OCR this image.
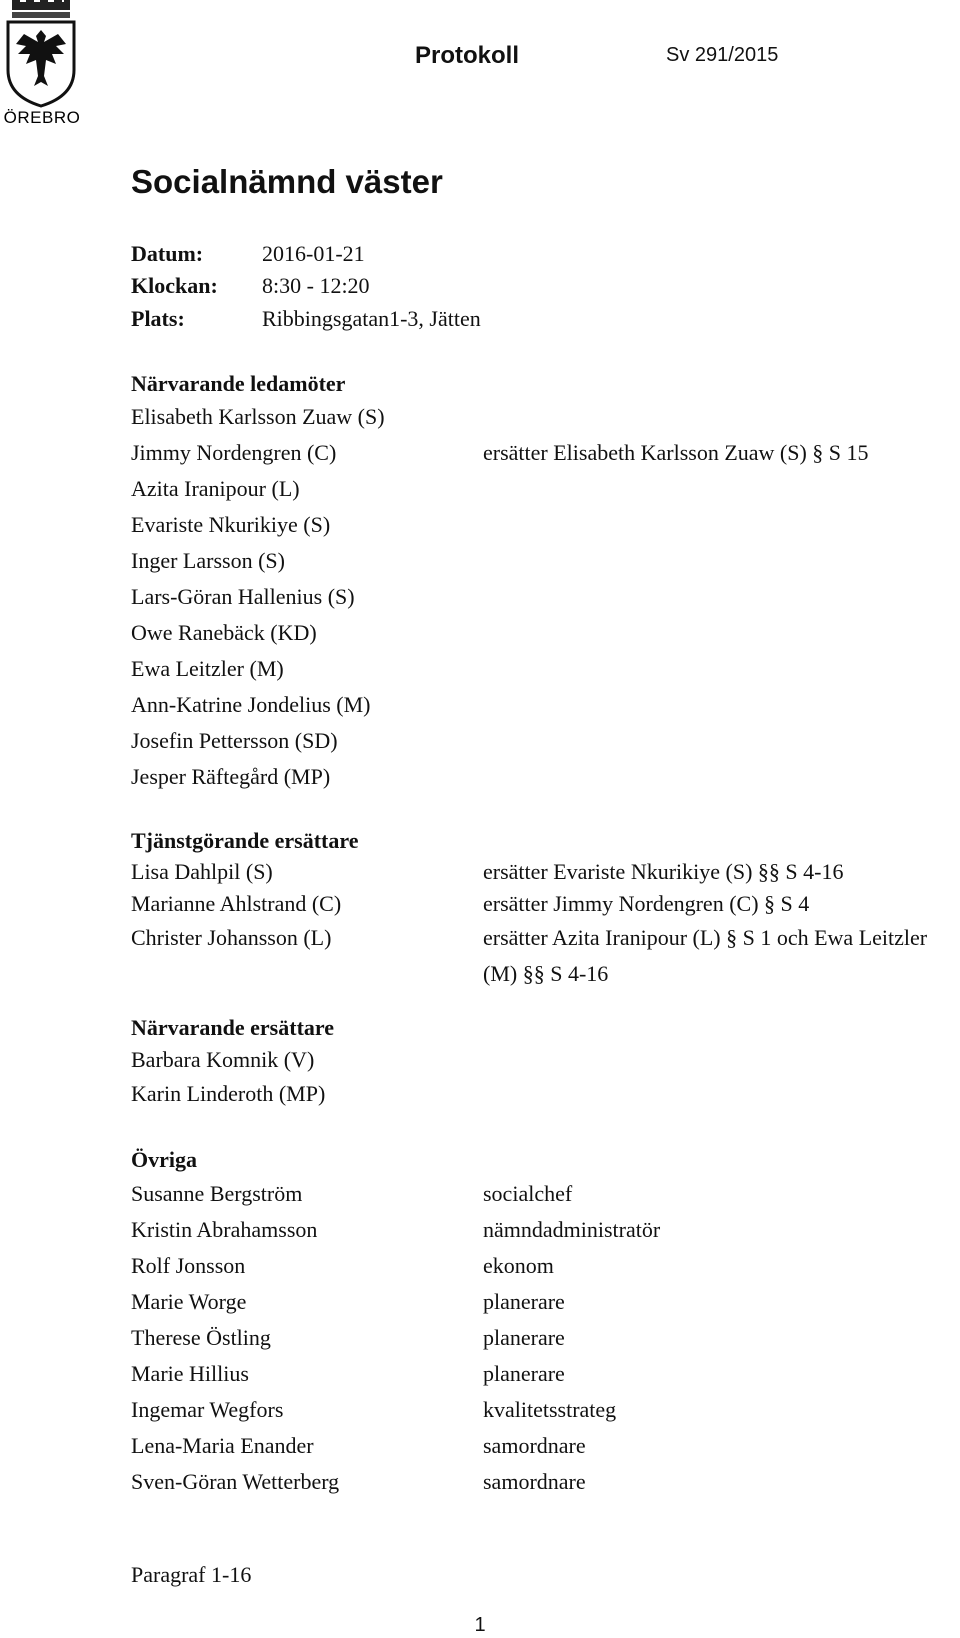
ÖREBRO
Protokoll	Sv 291/2015
Socialnämnd väster
Datum:	2016-01-21
Klockan: 8:30 - 12:20
Plats:	Ribbingsgatan1-3, Jätten
Närvarande ledamöter
Elisabeth Karlsson Zuaw (S)
Jimmy Nordengren (C)	ersätter Elisabeth Karlsson Zuaw (S) § S 15
Azita Iranipour (L)
Evariste Nkurikiye (S)
Inger Larsson (S)
Lars-Göran Hallenius (S)
Owe Ranebäck (KD)
Ewa Leitzler (M)
Ann-Katrine Jondelius (M)
Josefin Pettersson (SD)
Jesper Räftegård (MP)
Tjänstgörande ersättare
Lisa Dahlpil (S)	ersätter Evariste Nkurikiye (S) §§ S 4-16
Marianne Ahlstrand (C)	ersätter Jimmy Nordengren (C) § S 4
Christer Johansson (L)	ersätter Azita Iranipour (L) § S 1 och Ewa Leitzler (M) §§ S 4-16
Närvarande ersättare
Barbara Komnik (V)
Karin Linderoth (MP)
Övriga
Susanne Bergström	socialchef
Kristin Abrahamsson	nämndadministratör
Rolf Jonsson	ekonom
Marie Worge	planerare
Therese Östling	planerare
Marie Hillius	planerare
Ingemar Wegfors	kvalitetsstrateg
Lena-Maria Enander	samordnare
Sven-Göran Wetterberg	samordnare
Paragraf 1-16
1
